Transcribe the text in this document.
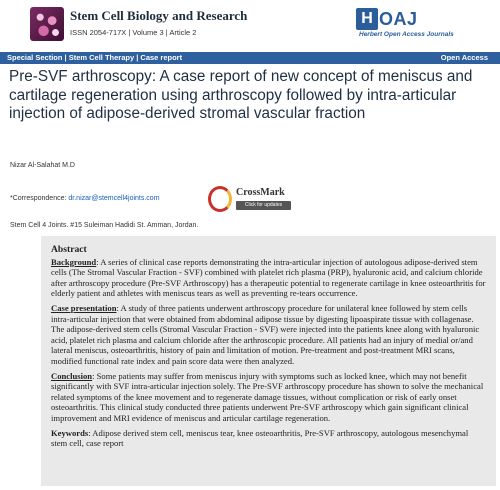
Stem Cell Biology and Research
ISSN 2054-717X | Volume 3 | Article 2
H OAJ
Herbert Open Access Journals
Special Section | Stem Cell Therapy | Case report	Open Access
Pre-SVF arthroscopy: A case report of new concept of meniscus and cartilage regeneration using arthroscopy followed by intra-articular injection of adipose-derived stromal vascular fraction
Nizar Al-Salahat M.D
*Correspondence: dr.nizar@stemcell4joints.com
CrossMark
Click for updates
Stem Cell 4 Joints. #15 Suleiman Hadidi St. Amman, Jordan.
Abstract

Background: A series of clinical case reports demonstrating the intra-articular injection of autologous adipose-derived stem cells (The Stromal Vascular Fraction - SVF) combined with platelet rich plasma (PRP), hyaluronic acid, and calcium chloride after arthroscopy procedure (Pre-SVF Arthroscopy) has a therapeutic potential to regenerate cartilage in knee osteoarthritis for elderly patient and athletes with meniscus tears as well as preventing re-tears occurrence.

Case presentation: A study of three patients underwent arthroscopy procedure for unilateral knee followed by stem cells intra-articular injection that were obtained from abdominal adipose tissue by digesting lipoaspirate tissue with collagenase. The adipose-derived stem cells (Stromal Vascular Fraction - SVF) were injected into the patients knee along with hyaluronic acid, platelet rich plasma and calcium chloride after the arthroscopic procedure. All patients had an injury of medial or/and lateral meniscus, osteoarthritis, history of pain and limitation of motion. Pre-treatment and post-treatment MRI scans, modified functional rate index and pain score data were then analyzed.

Conclusion: Some patients may suffer from meniscus injury with symptoms such as locked knee, which may not benefit significantly with SVF intra-articular injection solely. The Pre-SVF arthroscopy procedure has shown to solve the mechanical related symptoms of the knee movement and to regenerate damage tissues, without complication or risk of early onset osteoarthritis. This clinical study conducted three patients underwent Pre-SVF arthroscopy which gain significant clinical improvement and MRI evidence of meniscus and articular cartilage regeneration.

Keywords: Adipose derived stem cell, meniscus tear, knee osteoarthritis, Pre-SVF arthroscopy, autologous mesenchymal stem cell, case report
